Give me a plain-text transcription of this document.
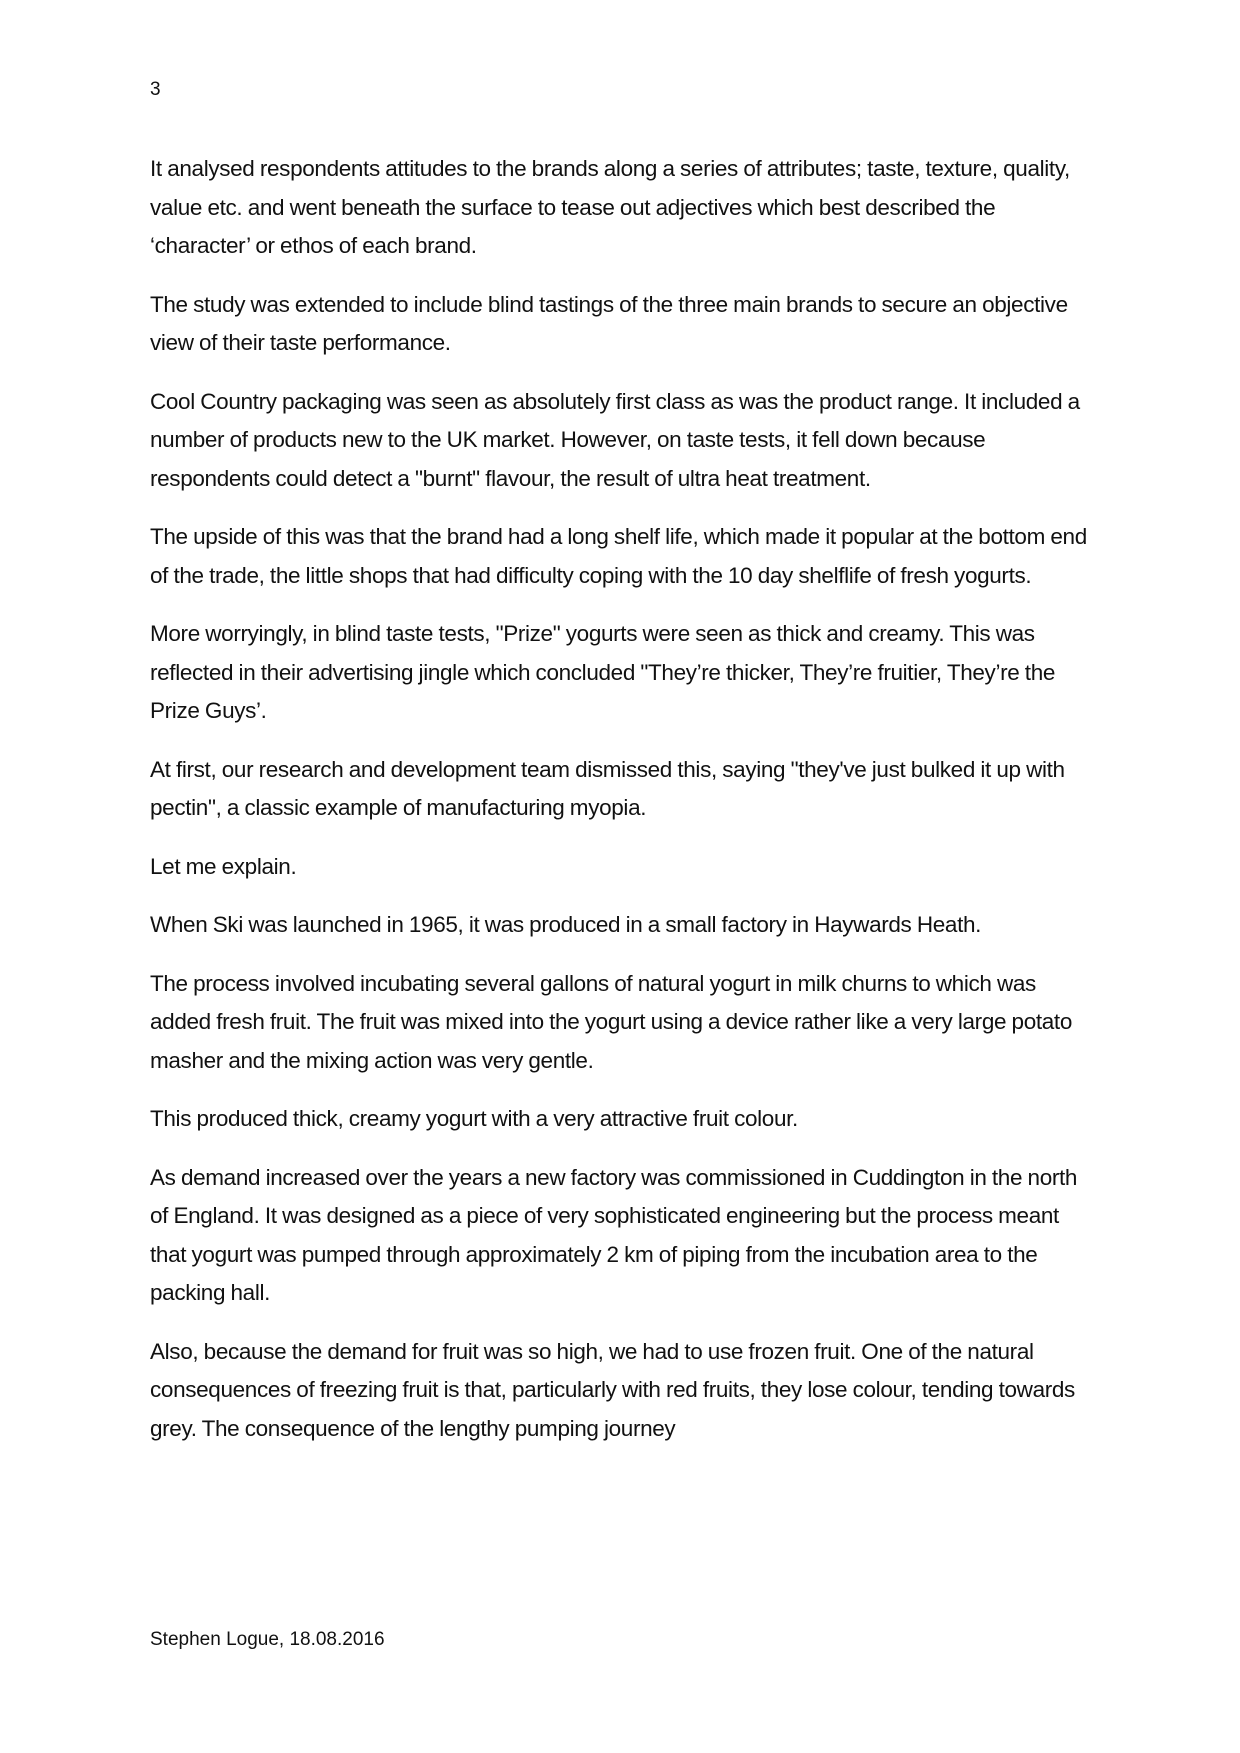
3

It analysed respondents attitudes to the brands along a series of attributes; taste, texture, quality, value etc. and went beneath the surface to tease out adjectives which best described the ‘character’ or ethos of each brand.

The study was extended to include blind tastings of the three main brands to secure an objective view of their taste performance.

Cool Country packaging was seen as absolutely first class as was the product range. It included a number of products new to the UK market. However, on taste tests, it fell down because respondents could detect a "burnt" flavour, the result of ultra heat treatment.

The upside of this was that the brand had a long shelf life, which made it popular at the bottom end of the trade, the little shops that had difficulty coping with the 10 day shelflife of fresh yogurts.

More worryingly, in blind taste tests, "Prize" yogurts were seen as thick and creamy. This was reflected in their advertising jingle which concluded "They’re thicker, They’re fruitier, They’re the Prize Guys’.

At first, our research and development team dismissed this, saying "they've just bulked it up with pectin", a classic example of manufacturing myopia.

Let me explain.

When Ski was launched in 1965, it was produced in a small factory in Haywards Heath.

The process involved incubating several gallons of natural yogurt in milk churns to which was added fresh fruit. The fruit was mixed into the yogurt using a device rather like a very large potato masher and the mixing action was very gentle.

This produced thick, creamy yogurt with a very attractive fruit colour.

As demand increased over the years a new factory was commissioned in Cuddington in the north of England. It was designed as a piece of very sophisticated engineering but the process meant that yogurt was pumped through approximately 2 km of piping from the incubation area to the packing hall.

Also, because the demand for fruit was so high, we had to use frozen fruit. One of the natural consequences of freezing fruit is that, particularly with red fruits, they lose colour, tending towards grey. The consequence of the lengthy pumping journey

Stephen Logue, 18.08.2016
